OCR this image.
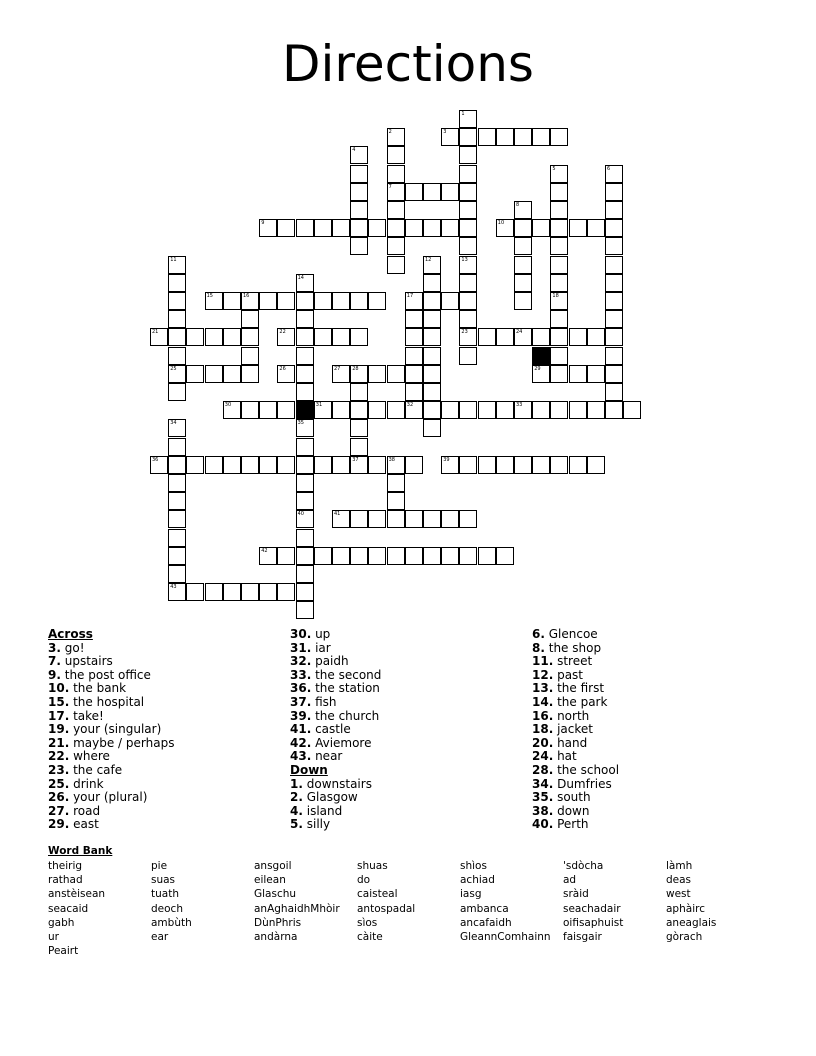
Directions
3
7
9	10
15	16	17
21	22	23	24
25	26	27 28	29
30	31	32	33
36	37	38	39
41
42
43
1
13
2
4
5	6
8
11	12
14
35
18
34
40
Across
3. go!
7. upstairs
9. the post office
10. the bank
15. the hospital
17. take!
19. your (singular)
21. maybe / perhaps
22. where
23. the cafe
25. drink
26. your (plural)
27. road
29. east
30. up
31. iar
32. paidh
33. the second
36. the station
37. fish
39. the church
41. castle
42. Aviemore
43. near
Down
1. downstairs
2. Glasgow
4. island
5. silly
6. Glencoe
8. the shop
11. street
12. past
13. the first
14. the park
16. north
18. jacket
20. hand
24. hat
28. the school
34. Dumfries
35. south
38. down
40. Perth
Word Bank
theirig
rathad
anstèisean
seacaid
gabh
ur
Peairt
pie
suas
tuath
deoch
ambùth
ear
ansgoil
eilean
Glaschu
anAghaidhMhòir
DùnPhris
andàrna
shuas
do
caisteal
antospadal
sìos
càite
shìos
achiad
iasg
ambanca
ancafaidh
GleannComhainn
'sdòcha
ad
sràid
seachadair
oifisaphuist
faisgair
làmh
deas
west
aphàirc
aneaglais
gòrach
